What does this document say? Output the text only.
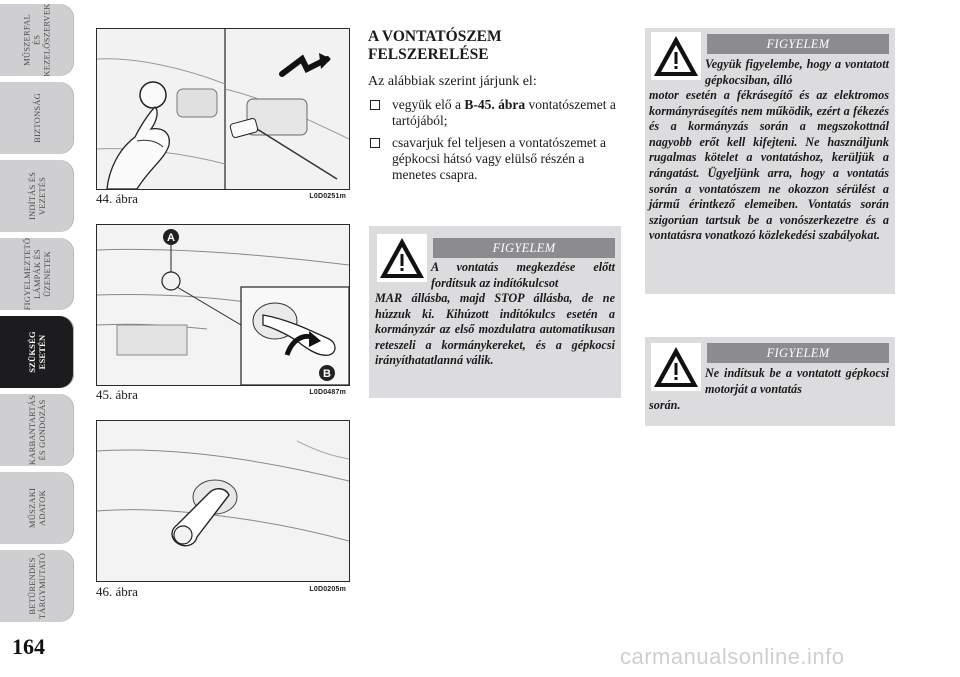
MŰSZERFAL
ÉS
KEZELŐSZERVEK
BIZTONSÁG
INDÍTÁS ÉS
VEZETÉS
FIGYELMEZTETŐ
LÁMPÁK ÉS
ÜZENETEK
SZÜKSÉG
ESETÉN
KARBANTARTÁS
ÉS GONDOZÁS
MŰSZAKI
ADATOK
BETŰRENDES
TÁRGYMUTATÓ
164
44. ábra	L0D0251m
A
B
45. ábra	L0D0487m
46. ábra	L0D0205m
A VONTATÓSZEM
FELSZERELÉSE
Az alábbiak szerint járjunk el:
vegyük elő a B-45. ábra vontatószemet a tartójából;
csavarjuk fel teljesen a vontatószemet a gépkocsi hátsó vagy elülső részén a menetes csapra.
FIGYELEM
A vontatás megkezdése előtt fordítsuk az indítókulcsot
MAR állásba, majd STOP állásba, de ne húzzuk ki. Kihúzott indítókulcs esetén a kormányzár az első mozdulatra automatikusan reteszeli a kormánykereket, és a gépkocsi irányíthatatlanná válik.
FIGYELEM
Vegyük figyelembe, hogy a vontatott gépkocsiban, álló
motor esetén a fékrásegítő és az elektromos kormányrásegítés nem működik, ezért a fékezés és a kormányzás során a megszokottnál nagyobb erőt kell kifejteni. Ne használjunk rugalmas kötelet a vontatáshoz, kerüljük a rángatást. Ügyeljünk arra, hogy a vontatás során a vontatószem ne okozzon sérülést a jármű érintkező elemeiben. Vontatás során szigorúan tartsuk be a vonószerkezetre és a vontatásra vonatkozó közlekedési szabályokat.
FIGYELEM
Ne indítsuk be a vontatott gépkocsi motorját a vontatás
során.
carmanualsonline.info
